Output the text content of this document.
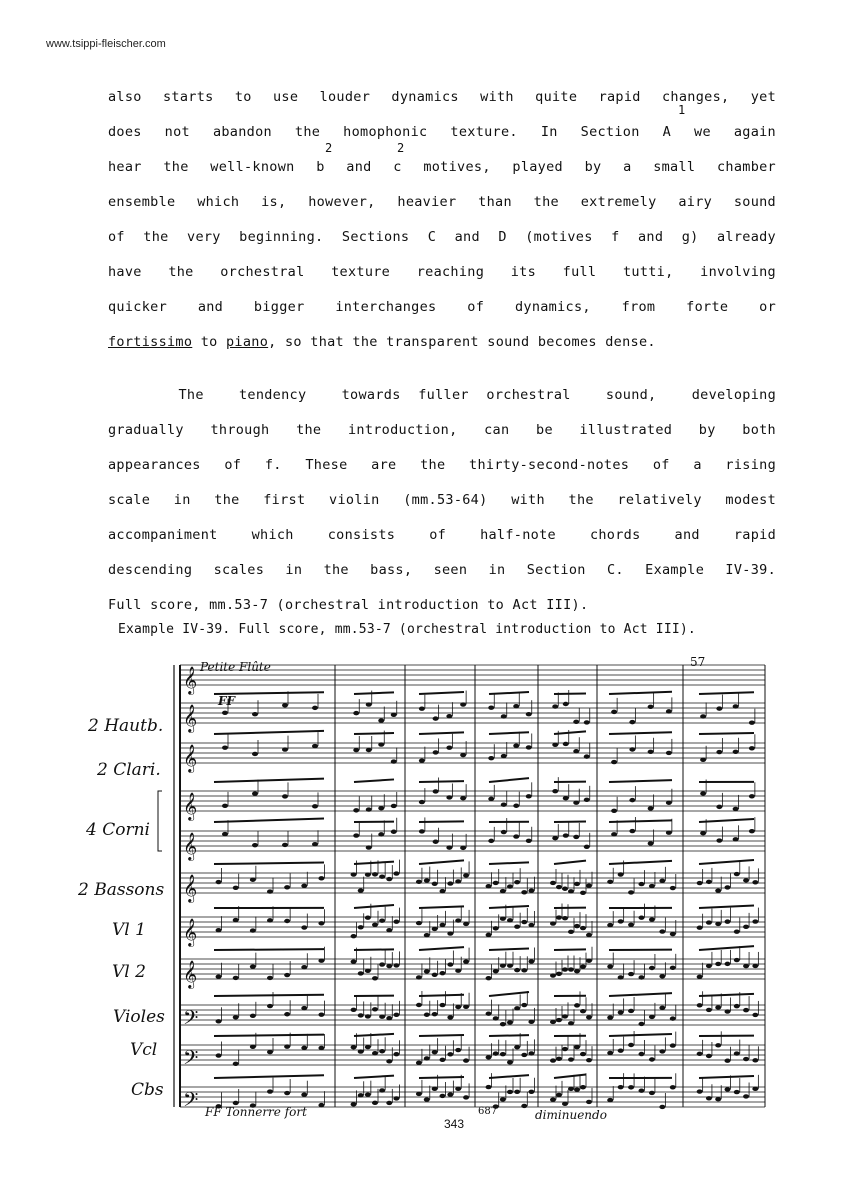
www.tsippi-fleischer.com
also starts to use louder dynamics with quite rapid changes, yet
does not abandon the homophonic texture. In Section A we again
hear the well-known b and c motives, played by a small chamber
ensemble which is, however, heavier than the extremely airy sound
of the very beginning. Sections C and D (motives f and g) already
have the orchestral texture reaching its full tutti, involving
quicker and bigger interchanges of dynamics, from forte or
fortissimo to piano, so that the transparent sound becomes dense.
1
2	2
The  tendency  towards fuller orchestral  sound,  developing
gradually through the introduction, can be illustrated by both
appearances of f. These are the thirty-second-notes of a rising
scale in the first violin (mm.53-64) with the relatively modest
accompaniment which consists of half-note chords and rapid
descending scales in the bass, seen in Section C. Example IV-39.
Full score, mm.53-7 (orchestral introduction to Act III).
Example IV-39. Full score, mm.53-7 (orchestral introduction to Act III).
𝄞
𝄞
𝄞
𝄞
𝄞
𝄞
𝄞
𝄞
𝄢
𝄢
𝄢
2 Hautb.
2 Clari.
4 Corni
2 Bassons
Vl 1
Vl 2
Violes
Vcl
Cbs
Petite Flûte	57
FF Tonnerre fort	diminuendo
687
FF
343
